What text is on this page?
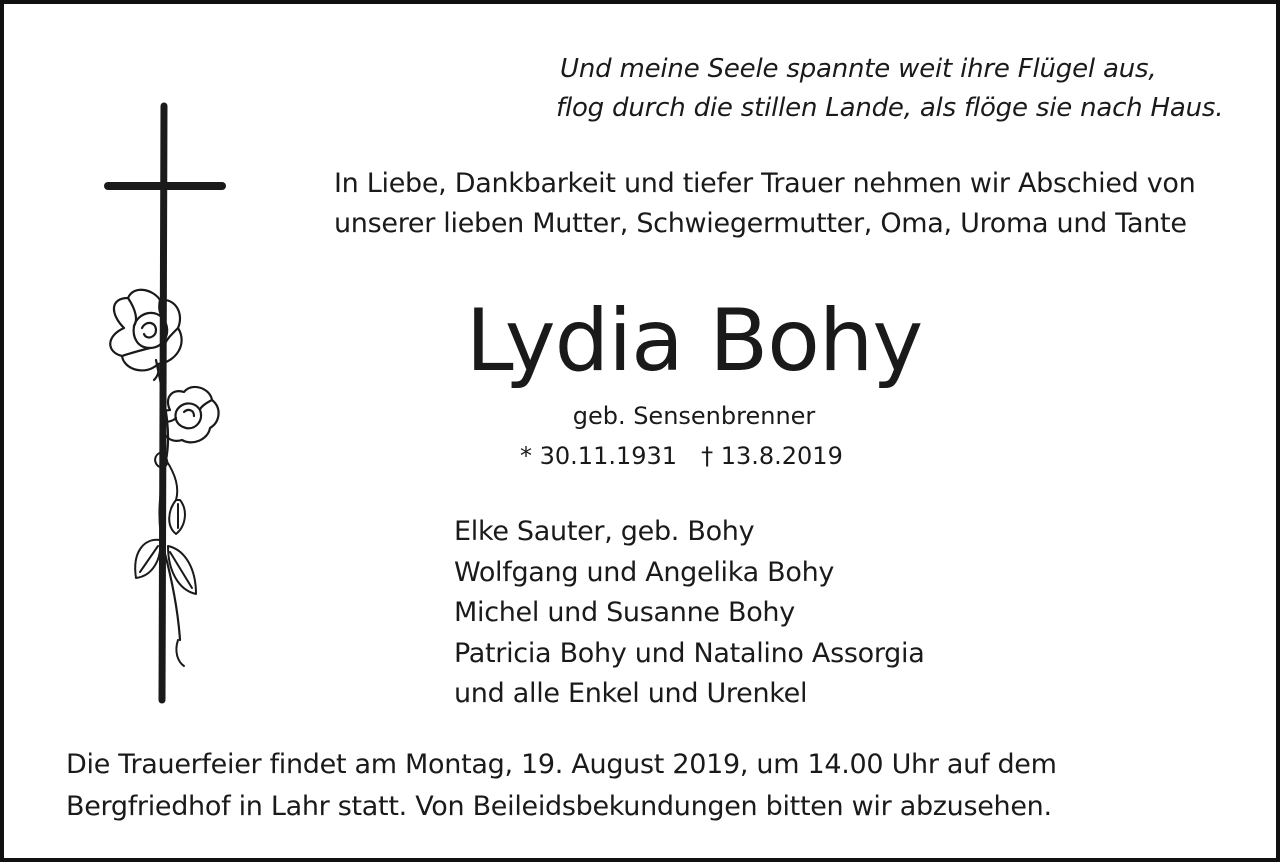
Und meine Seele spannte weit ihre Flügel aus,
flog durch die stillen Lande, als flöge sie nach Haus.
In Liebe, Dankbarkeit und tiefer Trauer nehmen wir Abschied von
unserer lieben Mutter, Schwiegermutter, Oma, Uroma und Tante
Lydia Bohy
geb. Sensenbrenner
* 30.11.1931 † 13.8.2019
Elke Sauter, geb. Bohy
Wolfgang und Angelika Bohy
Michel und Susanne Bohy
Patricia Bohy und Natalino Assorgia
und alle Enkel und Urenkel
Die Trauerfeier findet am Montag, 19. August 2019, um 14.00 Uhr auf dem
Bergfriedhof in Lahr statt. Von Beileidsbekundungen bitten wir abzusehen.
